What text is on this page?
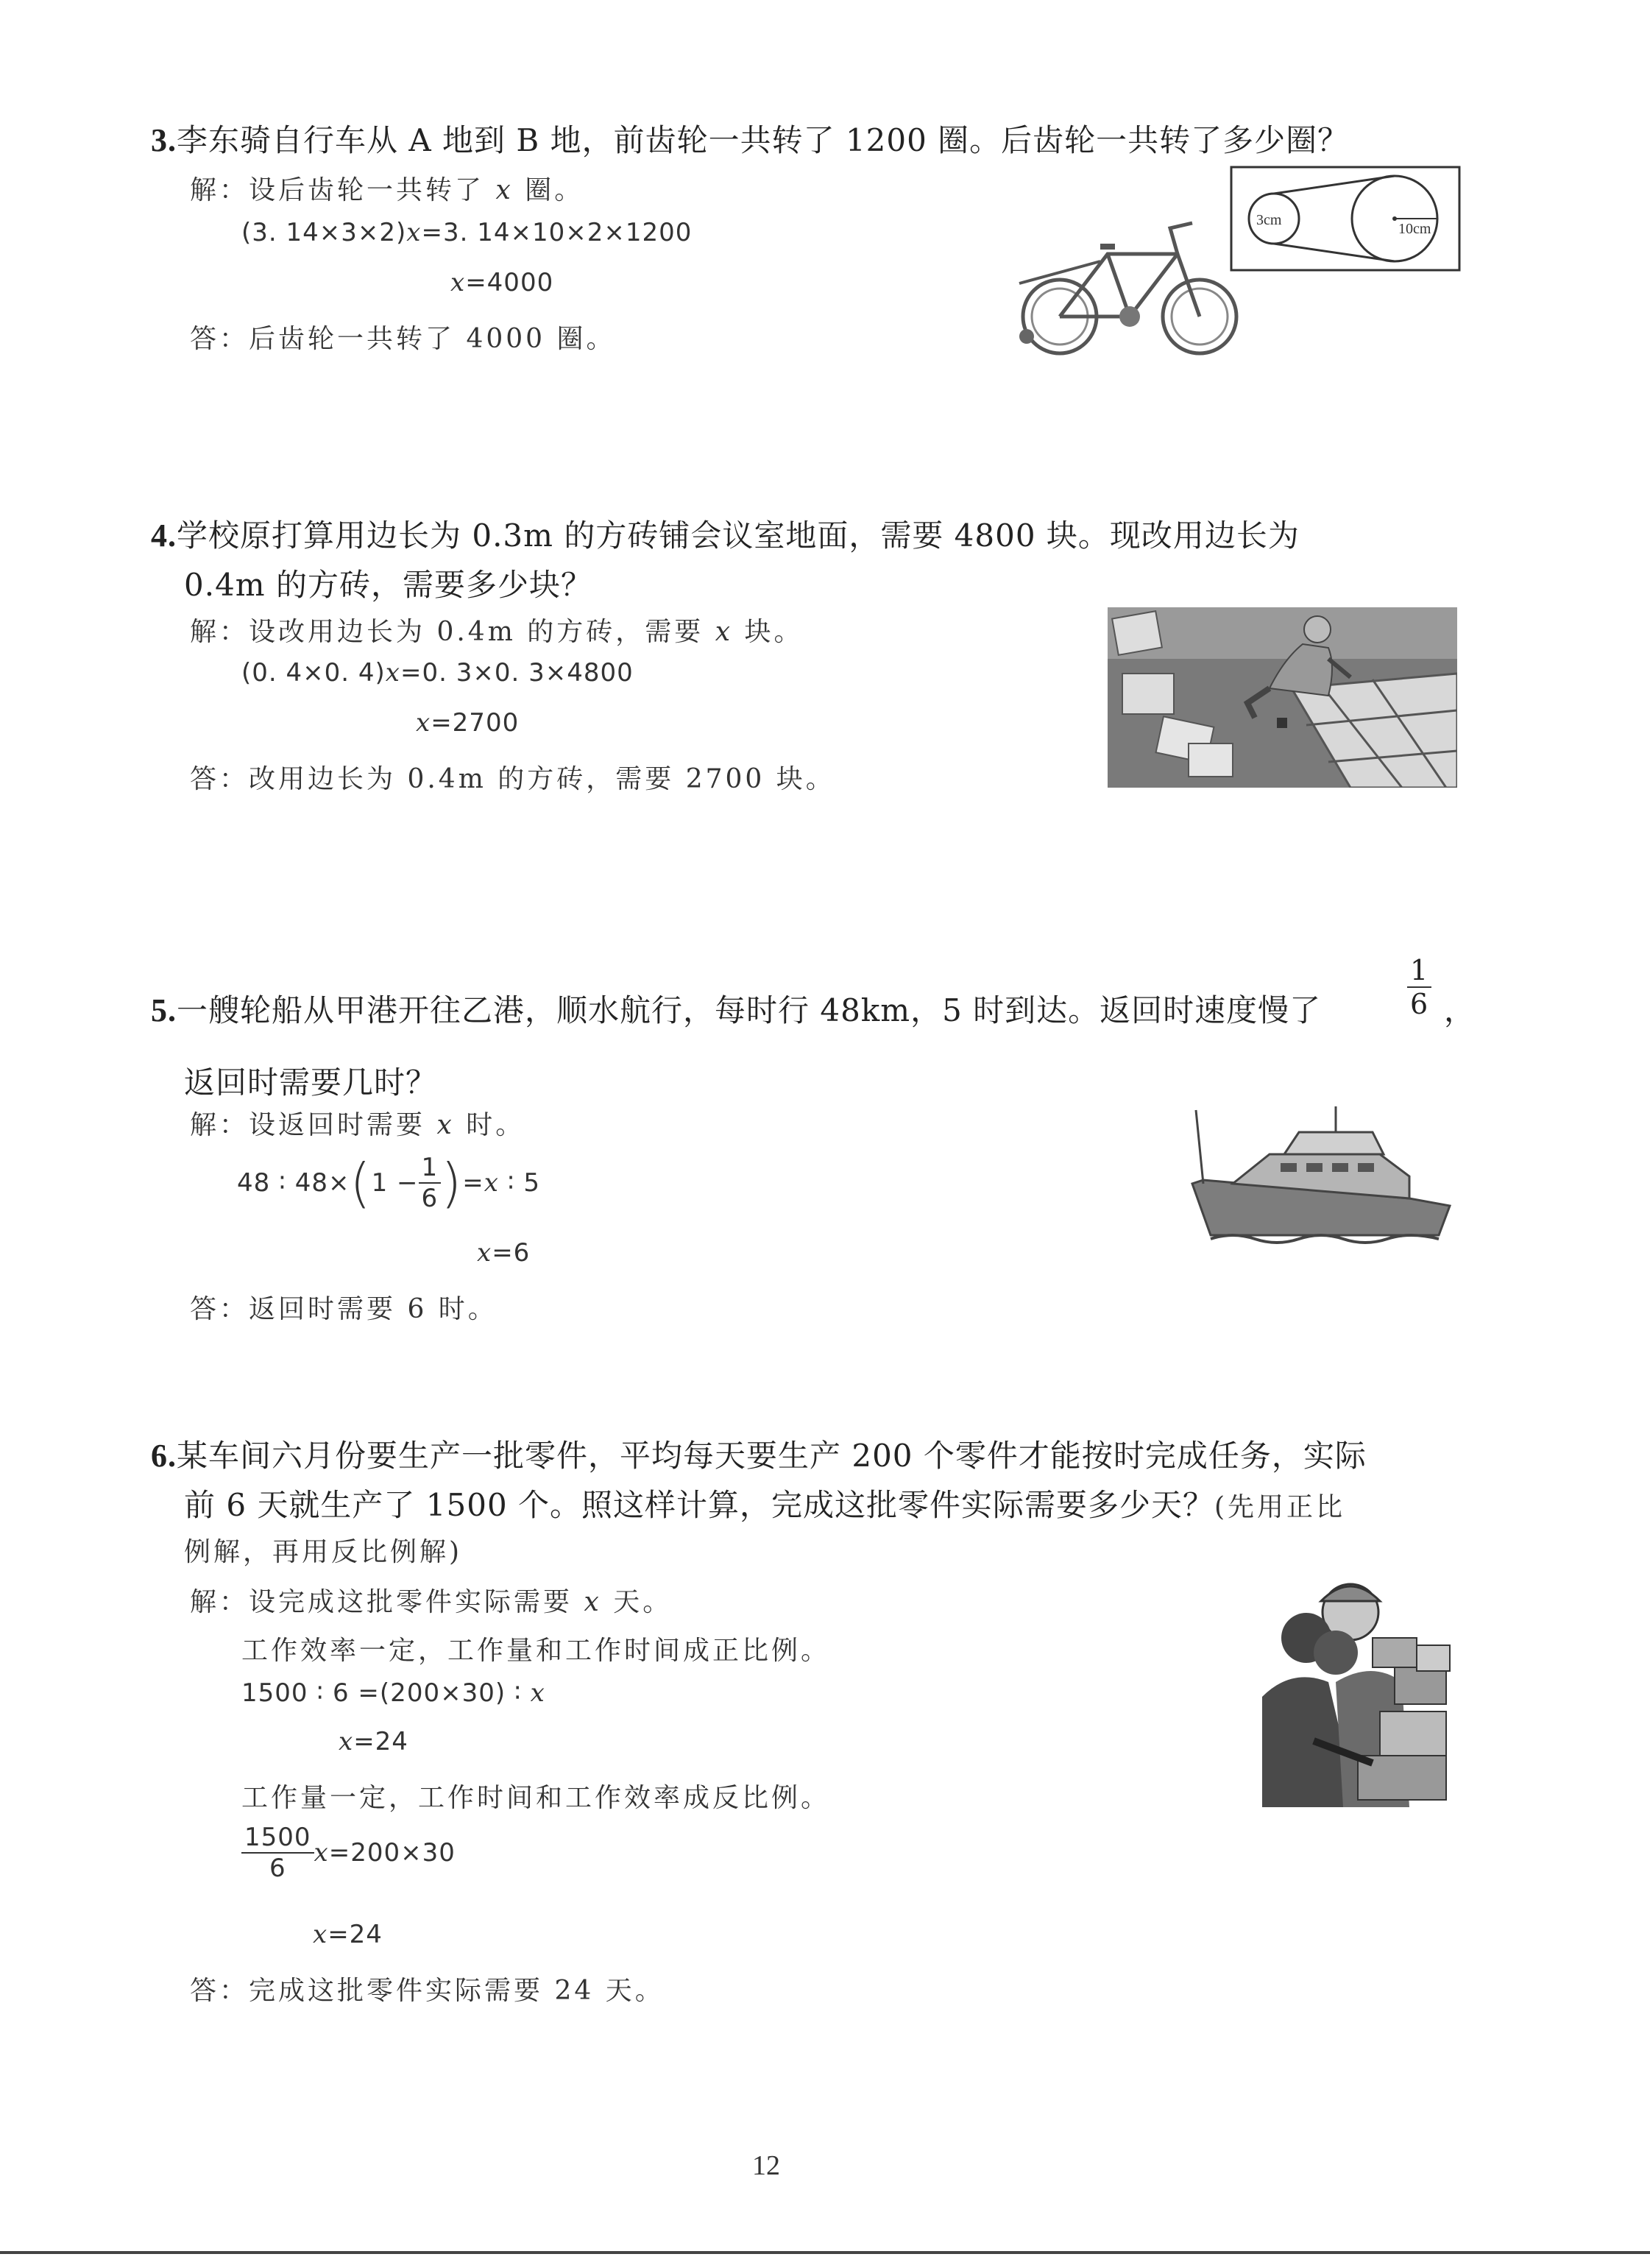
3.李东骑自行车从 A 地到 B 地，前齿轮一共转了 1200 圈。后齿轮一共转了多少圈？
解：设后齿轮一共转了 x 圈。
(3. 14×3×2)x=3. 14×10×2×1200
x=4000
答：后齿轮一共转了 4000 圈。
3cm
10cm
4.学校原打算用边长为 0.3m 的方砖铺会议室地面，需要 4800 块。现改用边长为
0.4m 的方砖，需要多少块？
解：设改用边长为 0.4m 的方砖，需要 x 块。
(0. 4×0. 4)x=0. 3×0. 3×4800
x=2700
答：改用边长为 0.4m 的方砖，需要 2700 块。
5.一艘轮船从甲港开往乙港，顺水航行，每时行 48km，5 时到达。返回时速度慢了	$\frac{1}{6}$ ，
返回时需要几时？
解：设返回时需要 x 时。
48 ∶ $48\times(1 - \frac{1}{6} )=x$ ∶ 5
x=6
答：返回时需要 6 时。
6.某车间六月份要生产一批零件，平均每天要生产 200 个零件才能按时完成任务，实际
前 6 天就生产了 1500 个。照这样计算，完成这批零件实际需要多少天？(先用正比
例解，再用反比例解)
解：设完成这批零件实际需要 x 天。
工作效率一定，工作量和工作时间成正比例。
1500 ∶ 6 =(200×30) ∶ x
x=24
工作量一定，工作时间和工作效率成反比例。
$\frac{1500}{6} x=200\times 30$
x=24
答：完成这批零件实际需要 24 天。
12
